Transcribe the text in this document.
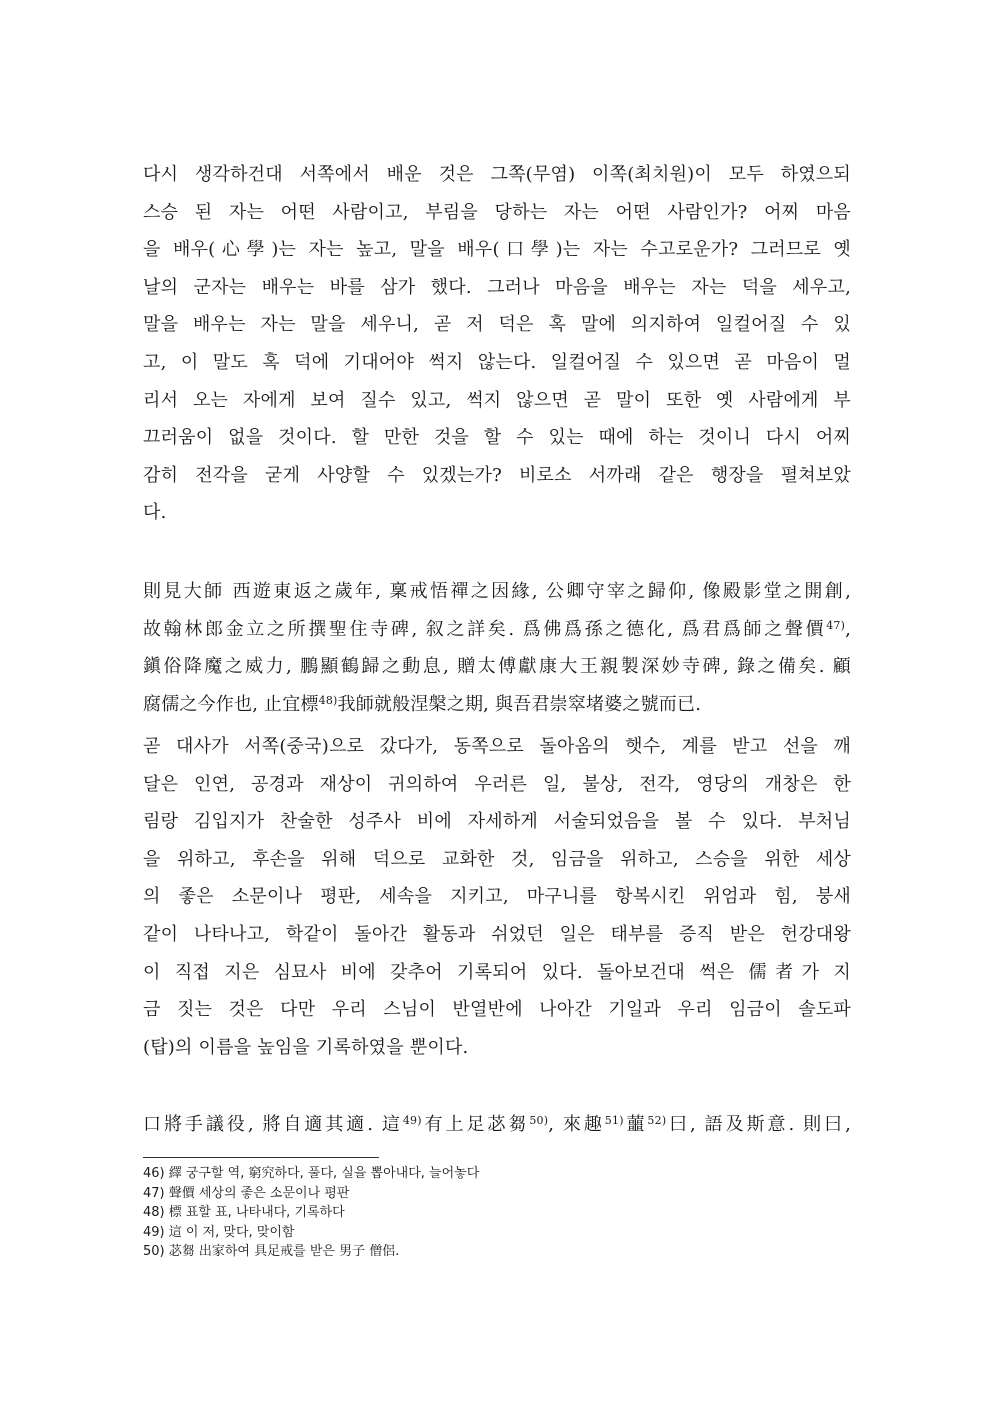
다시 생각하건대 서쪽에서 배운 것은 그쪽(무염) 이쪽(최치원)이 모두 하였으되
스승 된 자는 어떤 사람이고, 부림을 당하는 자는 어떤 사람인가? 어찌 마음
을 배우(心學)는 자는 높고, 말을 배우(口學)는 자는 수고로운가? 그러므로 옛
날의 군자는 배우는 바를 삼가 했다. 그러나 마음을 배우는 자는 덕을 세우고,
말을 배우는 자는 말을 세우니, 곧 저 덕은 혹 말에 의지하여 일컬어질 수 있
고, 이 말도 혹 덕에 기대어야 썩지 않는다. 일컬어질 수 있으면 곧 마음이 멀
리서 오는 자에게 보여 질수 있고, 썩지 않으면 곧 말이 또한 옛 사람에게 부
끄러움이 없을 것이다. 할 만한 것을 할 수 있는 때에 하는 것이니 다시 어찌
감히 전각을 굳게 사양할 수 있겠는가? 비로소 서까래 같은 행장을 펼쳐보았
다.
則見大師 西遊東返之歲年, 稟戒悟禪之因緣, 公卿守宰之歸仰, 像殿影堂之開創,
故翰林郎金立之所撰聖住寺碑, 叙之詳矣. 爲佛爲孫之德化, 爲君爲師之聲價$^{47)}$,
鎭俗降魔之威力, 鵬顯鶴歸之動息, 贈太傅獻康大王親製深妙寺碑, 錄之備矣. 顧
腐儒之今作也, 止宜標$^{48)}$我師就般涅槃之期, 與吾君崇窣堵婆之號而已.
곧 대사가 서쪽(중국)으로 갔다가, 동쪽으로 돌아옴의 햇수, 계를 받고 선을 깨
달은 인연, 공경과 재상이 귀의하여 우러른 일, 불상, 전각, 영당의 개창은 한
림랑 김입지가 찬술한 성주사 비에 자세하게 서술되었음을 볼 수 있다. 부처님
을 위하고, 후손을 위해 덕으로 교화한 것, 임금을 위하고, 스승을 위한 세상
의 좋은 소문이나 평판, 세속을 지키고, 마구니를 항복시킨 위엄과 힘, 붕새
같이 나타나고, 학같이 돌아간 활동과 쉬었던 일은 태부를 증직 받은 헌강대왕
이 직접 지은 심묘사 비에 갖추어 기록되어 있다. 돌아보건대 썩은 儒者가 지
금 짓는 것은 다만 우리 스님이 반열반에 나아간 기일과 우리 임금이 솔도파
(탑)의 이름을 높임을 기록하였을 뿐이다.
口將手議役, 將自適其適. 這$^{49)}$有上足苾芻$^{50)}$, 來趣$^{51)}$蘁$^{52)}$曰, 語及斯意. 則曰,
46) 繹 궁구할 역, 窮究하다, 풀다, 실을 뽑아내다, 늘어놓다
47) 聲價 세상의 좋은 소문이나 평판
48) 標 표할 표, 나타내다, 기록하다
49) 這 이 저, 맞다, 맞이함
50) 苾芻 出家하여 具足戒를 받은 男子 僧侶.
